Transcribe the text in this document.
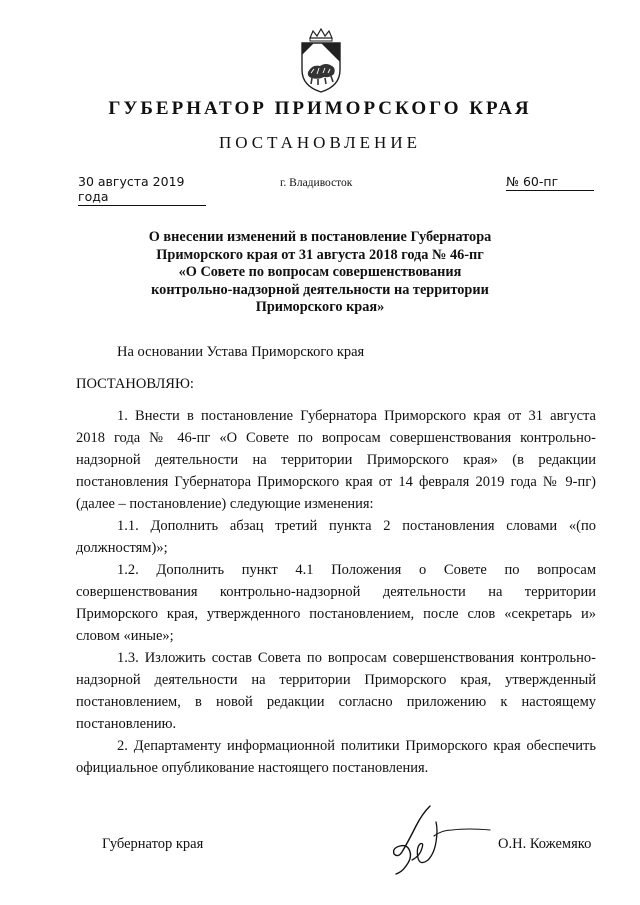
ГУБЕРНАТОР ПРИМОРСКОГО КРАЯ
ПОСТАНОВЛЕНИЕ
30 августа 2019 года
г. Владивосток	№ 60-пг
О внесении изменений в постановление Губернатора
Приморского края от 31 августа 2018 года № 46-пг
«О Совете по вопросам совершенствования
контрольно-надзорной деятельности на территории
Приморского края»
На основании Устава Приморского края
ПОСТАНОВЛЯЮ:

1. Внести в постановление Губернатора Приморского края от 31 августа 2018 года № 46-пг «О Совете по вопросам совершенствования контрольно-надзорной деятельности на территории Приморского края» (в редакции постановления Губернатора Приморского края от 14 февраля 2019 года № 9-пг) (далее – постановление) следующие изменения:

1.1. Дополнить абзац третий пункта 2 постановления словами «(по должностям)»;

1.2. Дополнить пункт 4.1 Положения о Совете по вопросам совершенствования контрольно-надзорной деятельности на территории Приморского края, утвержденного постановлением, после слов «секретарь и» словом «иные»;

1.3. Изложить состав Совета по вопросам совершенствования контрольно-надзорной деятельности на территории Приморского края, утвержденный постановлением, в новой редакции согласно приложению к настоящему постановлению.

2. Департаменту информационной политики Приморского края обеспечить официальное опубликование настоящего постановления.

Губернатор края	О.Н. Кожемяко
